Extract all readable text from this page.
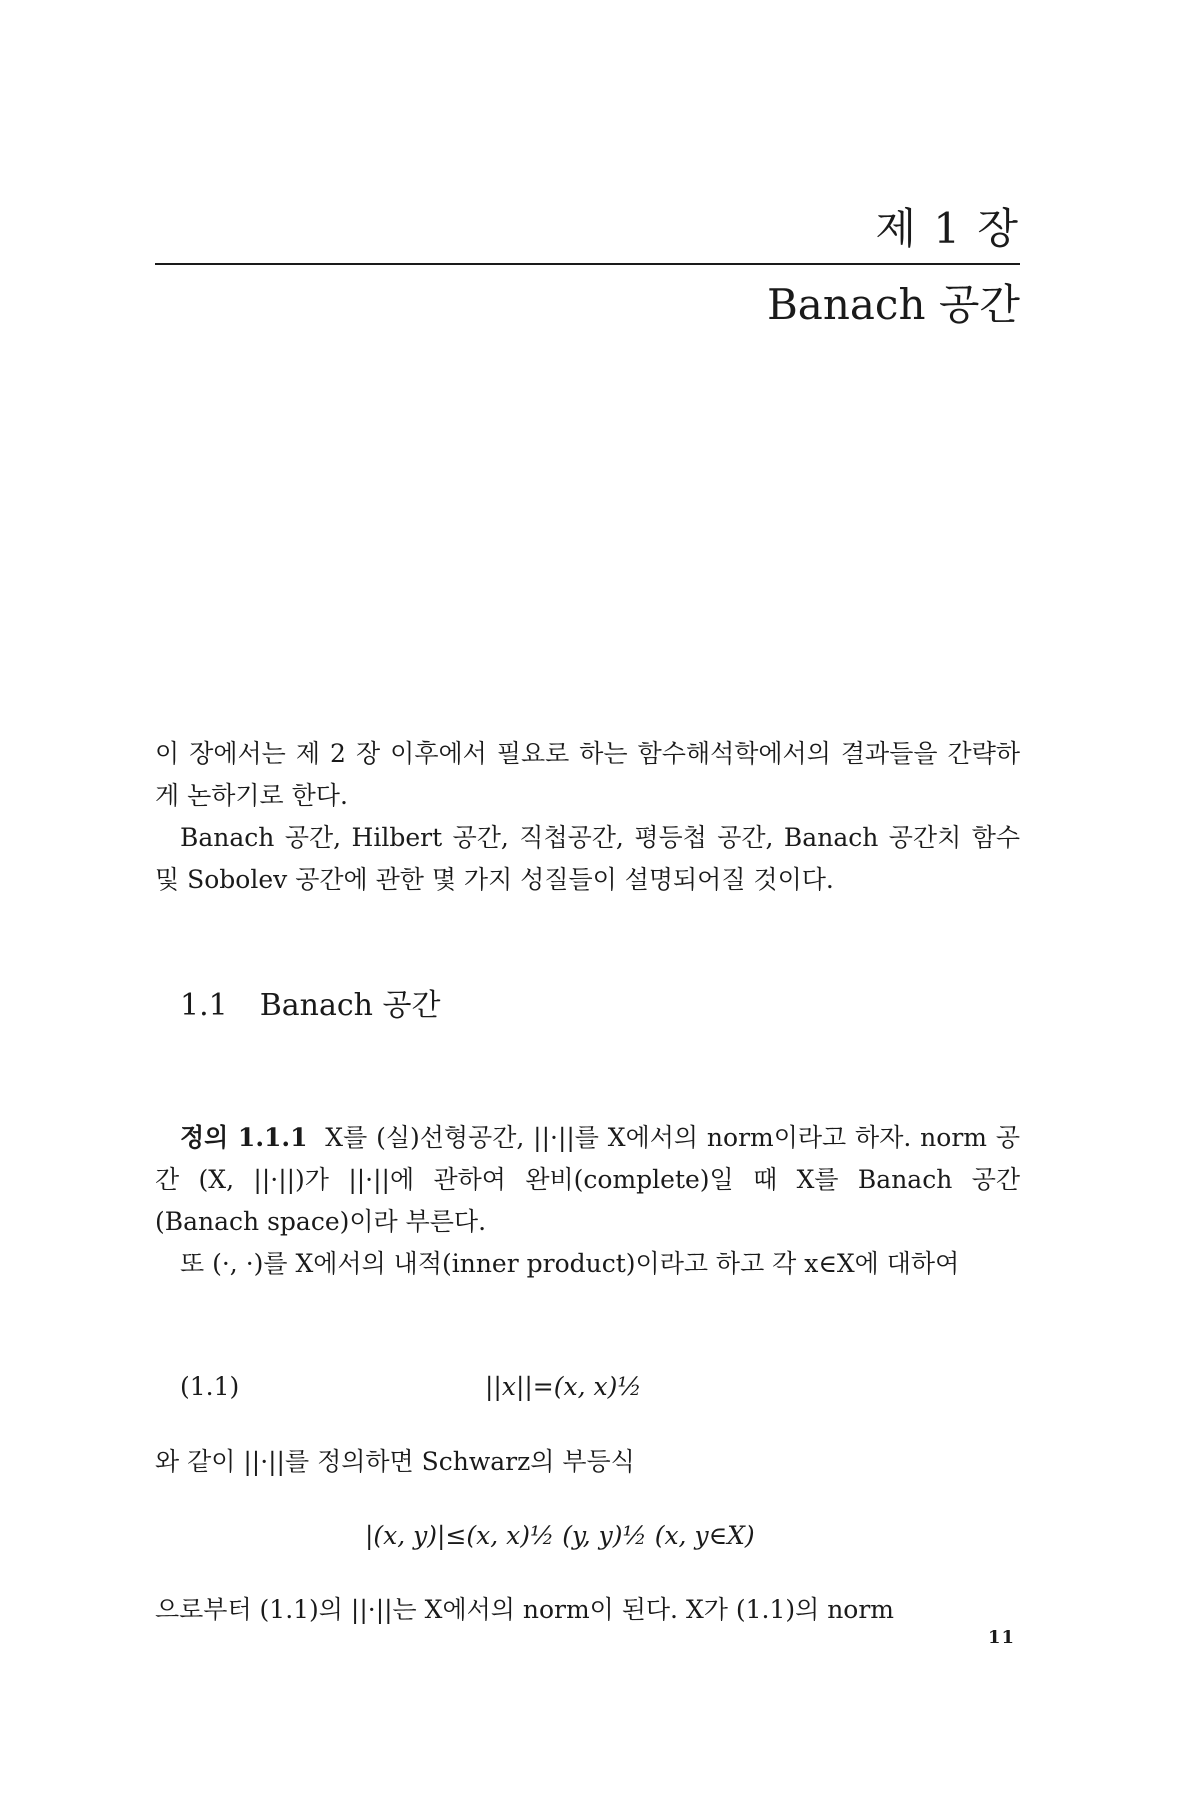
제 1 장
Banach 공간

이 장에서는 제 2 장 이후에서 필요로 하는 함수해석학에서의 결과들을 간략하게 논하기로 한다.

Banach 공간, Hilbert 공간, 직첩공간, 평등첩 공간, Banach 공간치 함수 및 Sobolev 공간에 관한 몇 가지 성질들이 설명되어질 것이다.

1.1 Banach 공간

정의 1.1.1 X를 (실)선형공간, ||·||를 X에서의 norm이라고 하자. norm 공간 (X, ||·||)가 ||·||에 관하여 완비(complete)일 때 X를 Banach 공간(Banach space)이라 부른다.

또 (·, ·)를 X에서의 내적(inner product)이라고 하고 각 x∈X에 대하여

(1.1)	||x||=(x, x)½
와 같이 ||·||를 정의하면 Schwarz의 부등식
|(x, y)|≤(x, x)½ (y, y)½ (x, y∈X)
으로부터 (1.1)의 ||·||는 X에서의 norm이 된다. X가 (1.1)의 norm
11
